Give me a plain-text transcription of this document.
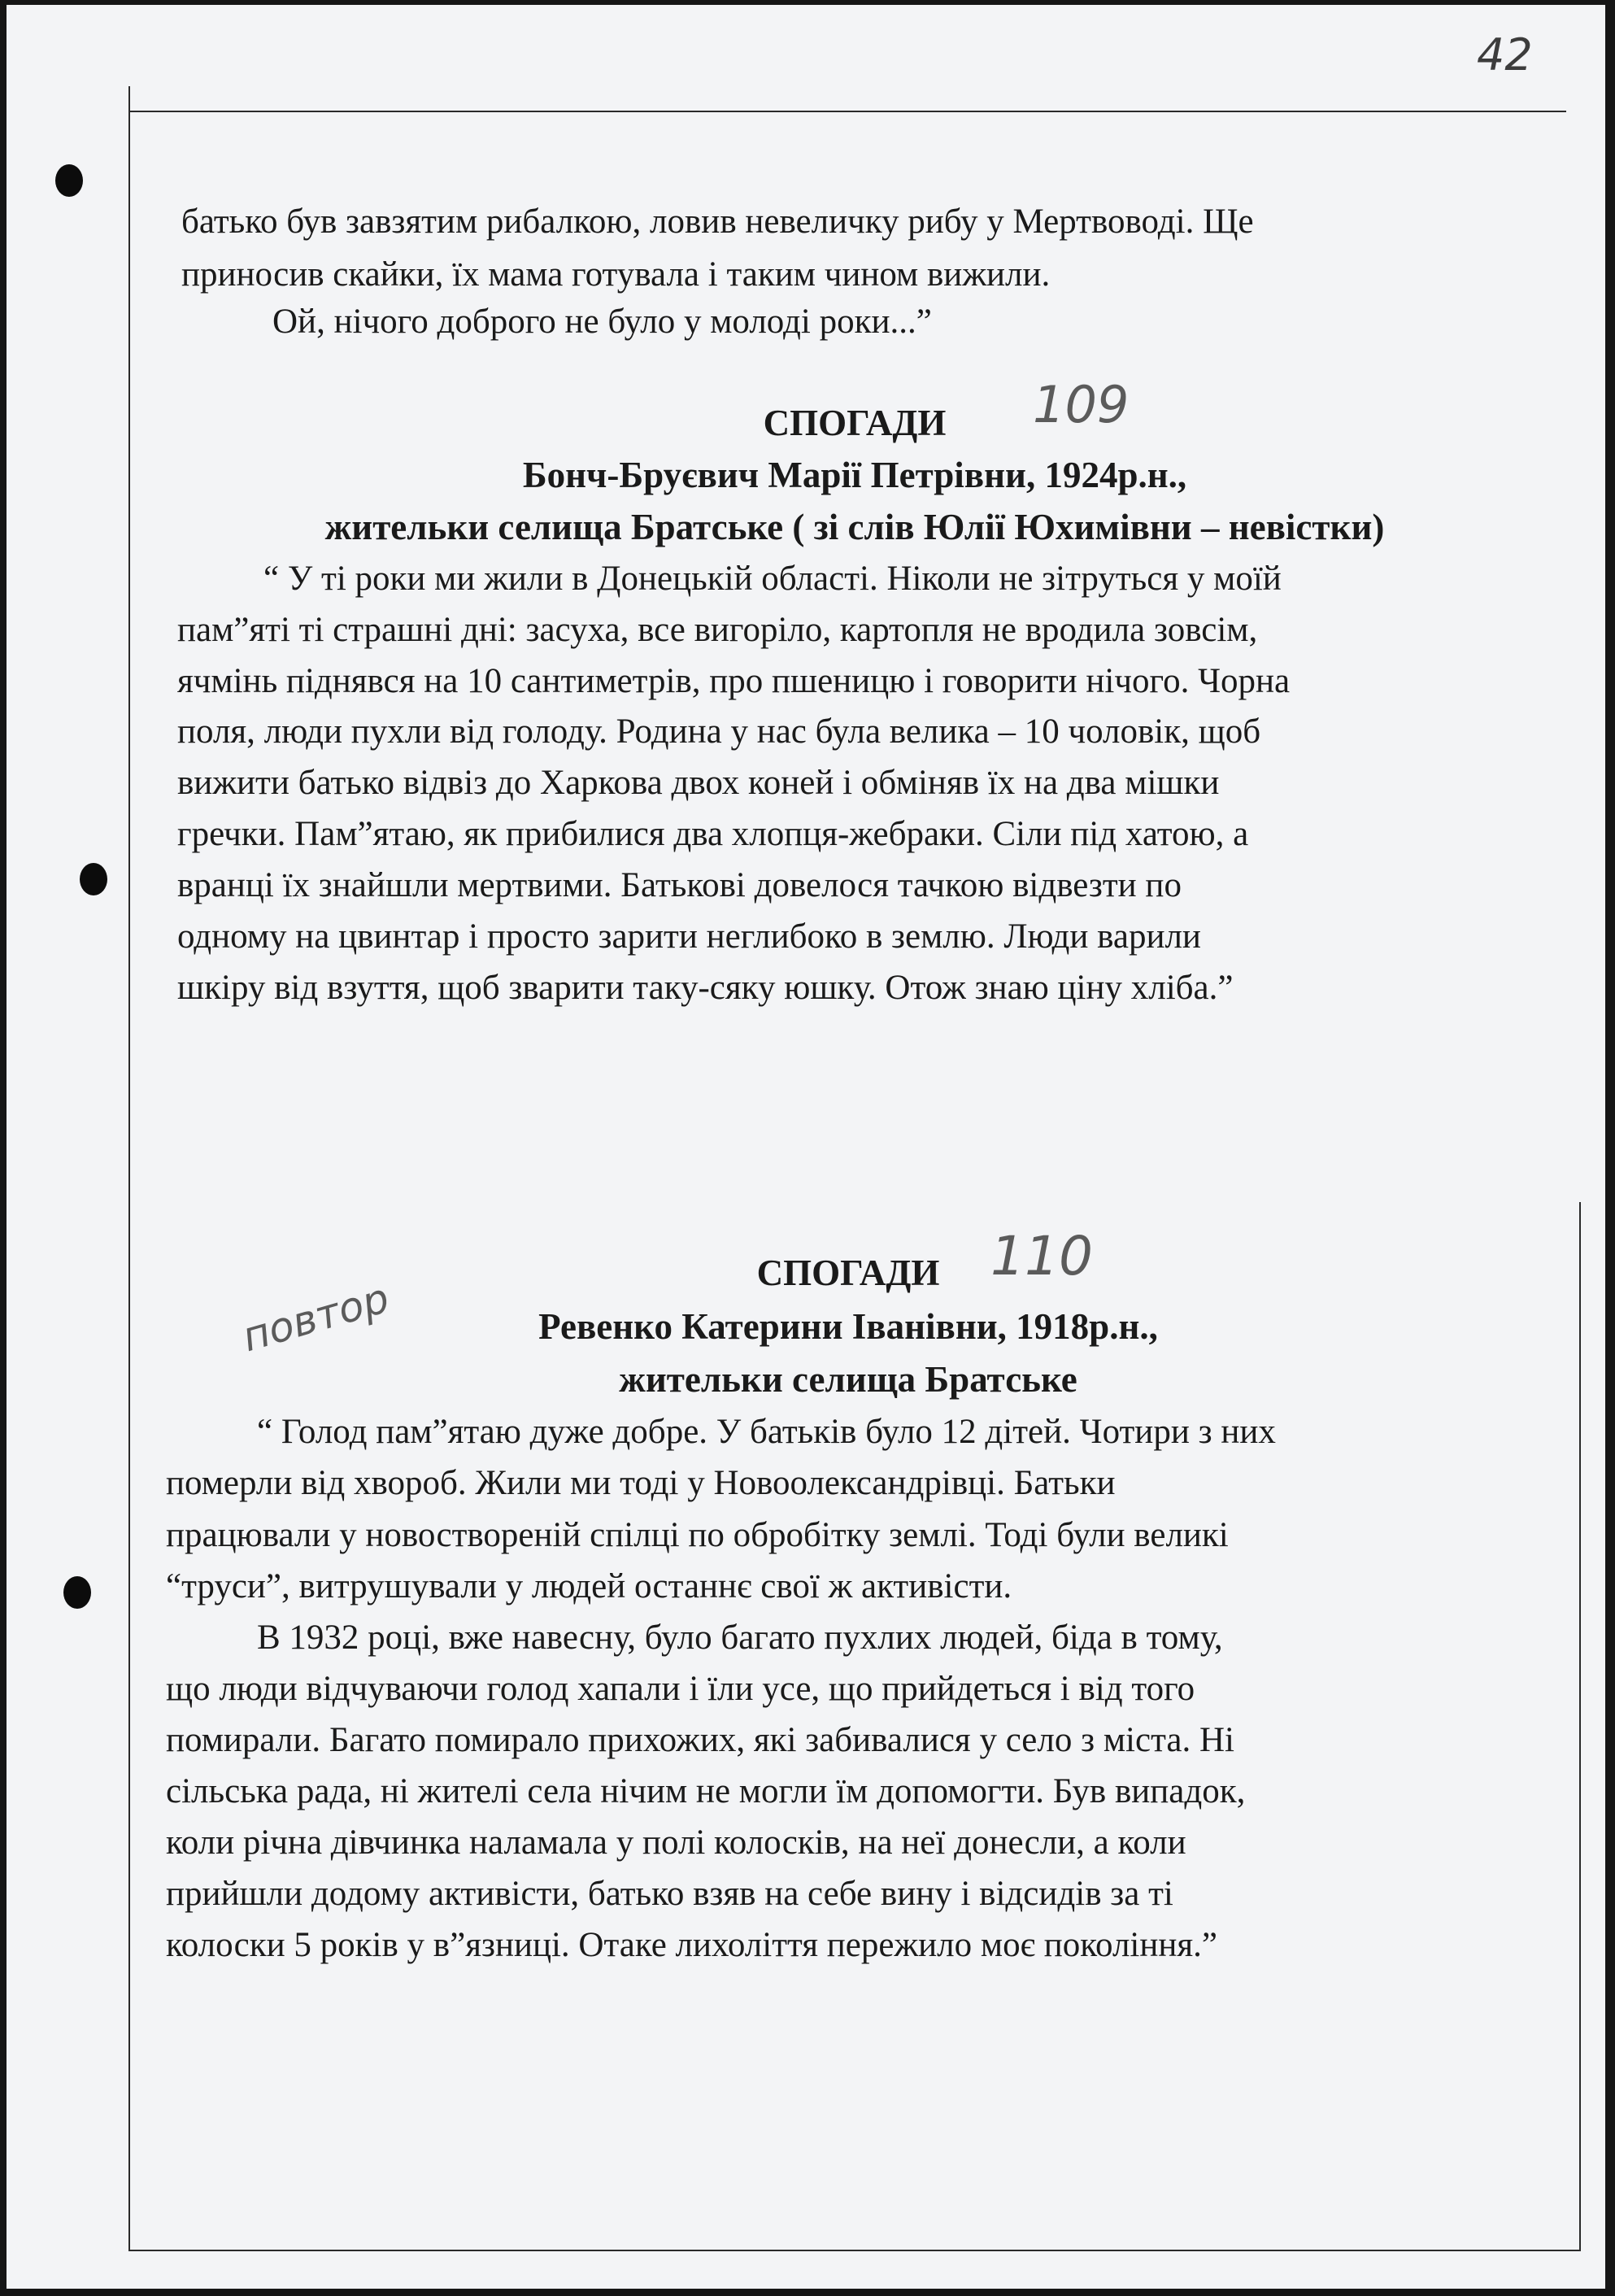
42
батько був завзятим рибалкою, ловив невеличку рибу у Мертвоводі. Ще
приносив скайки, їх мама готувала і таким чином вижили.
Ой, нічого доброго не було у молоді роки...”
СПОГАДИ	109
Бонч-Бруєвич Марії Петрівни, 1924р.н.,
жительки селища Братське ( зі слів Юлії Юхимівни – невістки)
“ У ті роки ми жили в Донецькій області. Ніколи не зітруться у моїй
пам”яті ті страшні дні: засуха, все вигоріло, картопля не вродила зовсім,
ячмінь піднявся на 10 сантиметрів, про пшеницю і говорити нічого. Чорна
поля, люди пухли від голоду. Родина у нас була велика – 10 чоловік, щоб
вижити батько відвіз до Харкова двох коней і обміняв їх на два мішки
гречки. Пам”ятаю, як прибилися два хлопця-жебраки. Сіли під хатою, а
вранці їх знайшли мертвими. Батькові довелося тачкою відвезти по
одному на цвинтар і просто зарити неглибоко в землю. Люди варили
шкіру від взуття, щоб зварити таку-сяку юшку. Отож знаю ціну хліба.”
СПОГАДИ 110
повтор	Ревенко Катерини Іванівни, 1918р.н.,
жительки селища Братське
“ Голод пам”ятаю дуже добре. У батьків було 12 дітей. Чотири з них
померли від хвороб. Жили ми тоді у Новоолександрівці. Батьки
працювали у новоствореній спілці по обробітку землі. Тоді були великі
“труси”, витрушували у людей останнє свої ж активісти.
В 1932 році, вже навесну, було багато пухлих людей, біда в тому,
що люди відчуваючи голод хапали і їли усе, що прийдеться і від того
помирали. Багато помирало прихожих, які забивалися у село з міста. Ні
сільська рада, ні жителі села нічим не могли їм допомогти. Був випадок,
коли річна дівчинка наламала у полі колосків, на неї донесли, а коли
прийшли додому активісти, батько взяв на себе вину і відсидів за ті
колоски 5 років у в”язниці. Отаке лихоліття пережило моє покоління.”
